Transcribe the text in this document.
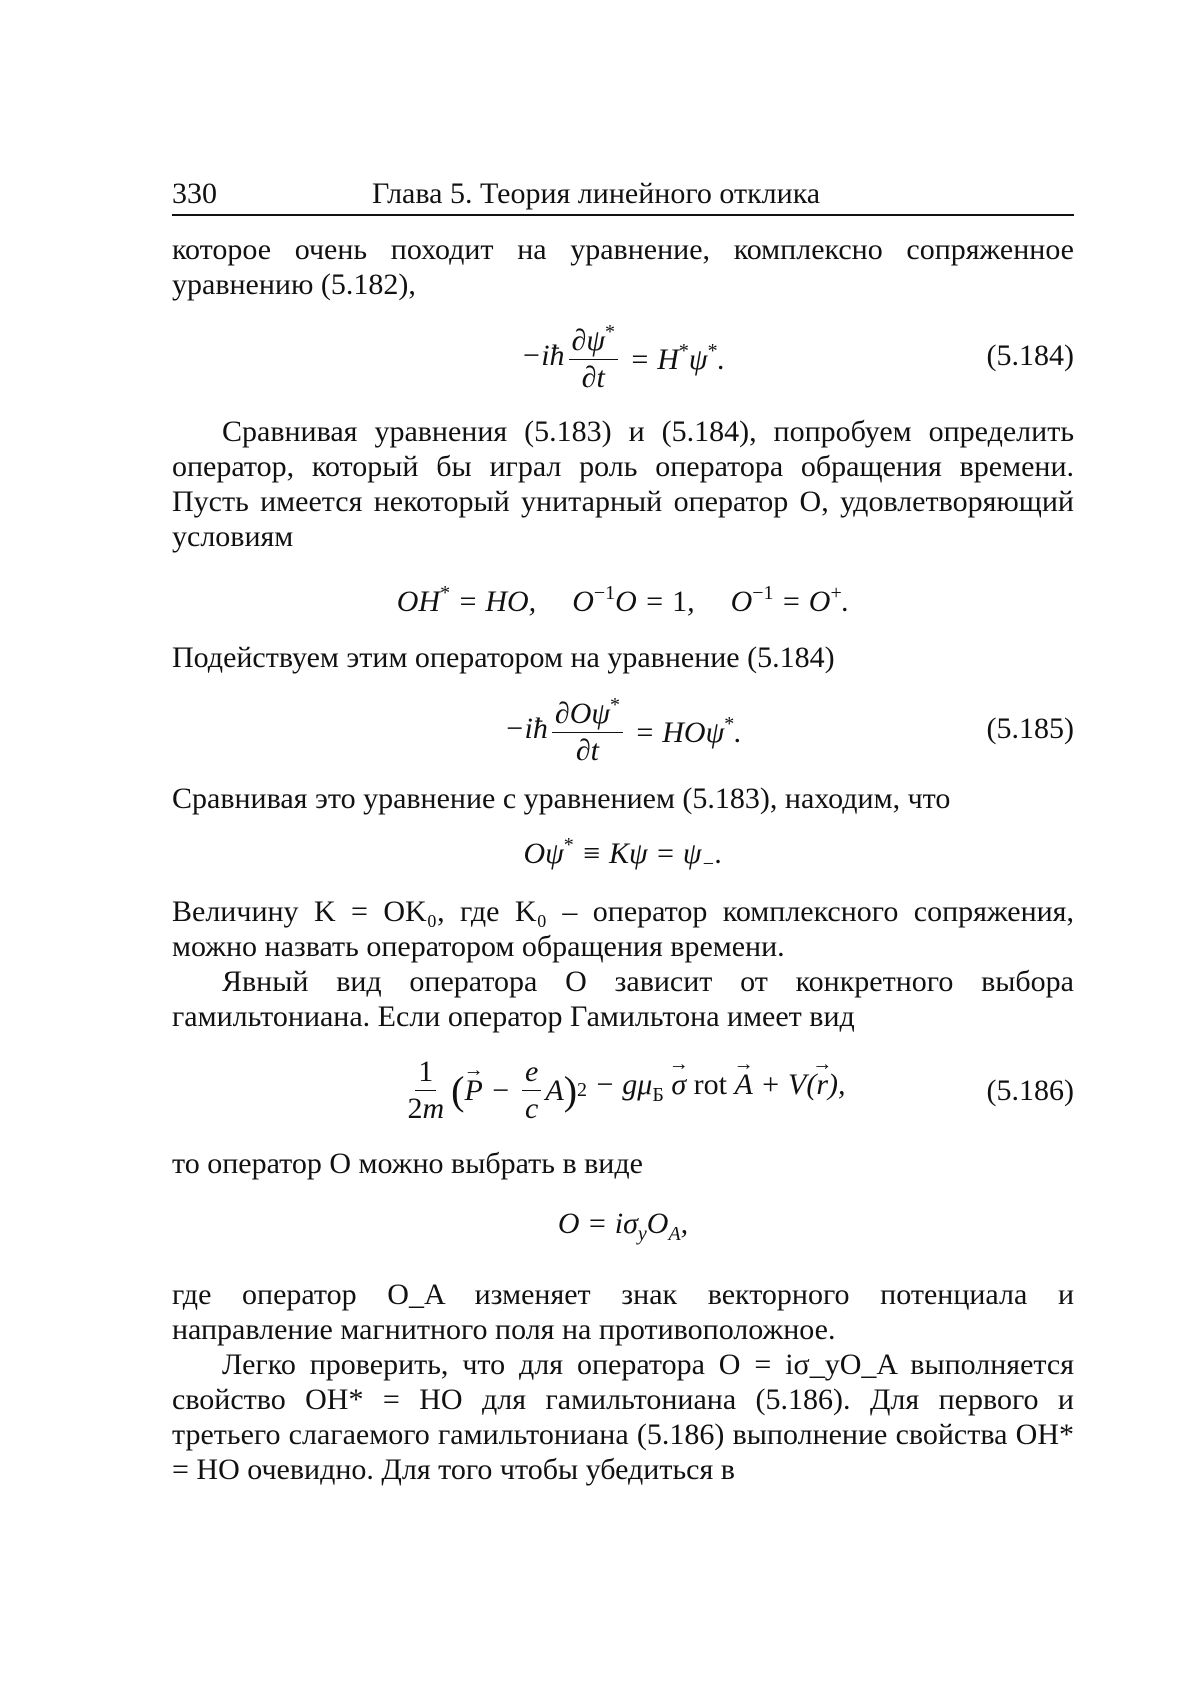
330	Глава 5. Теория линейного отклика

которое очень походит на уравнение, комплексно сопряженное уравнению (5.182),

−iħ $\frac{\partial\psi^*}{\partial t} = H^*\psi^*$.	(5.184)

Сравнивая уравнения (5.183) и (5.184), попробуем определить оператор, который бы играл роль оператора обращения времени. Пусть имеется некоторый унитарный оператор O, удовлетворяющий условиям

OH* = HO, $O^{-1}O = 1$, $O^{-1} = O^+$.

Подействуем этим оператором на уравнение (5.184)

−iħ $\frac{\partial O\psi^*}{\partial t} = HO\psi^*$.	(5.185)

Сравнивая это уравнение с уравнением (5.183), находим, что

$O\psi^* \equiv K\psi = \psi_-$.

Величину K = OK₀, где K₀ – оператор комплексного сопряжения, можно назвать оператором обращения времени.

Явный вид оператора O зависит от конкретного выбора гамильтониана. Если оператор Гамильтона имеет вид

$\frac{1}{2m}$ ( → $P - \frac{e}{c}$ A ) $2 - g\mu_Б \to \sigma$ rot → A + V(→ r),	(5.186)

то оператор O можно выбрать в виде

$O = i\sigma_yO_A$,

где оператор O_A изменяет знак векторного потенциала и направление магнитного поля на противоположное.

Легко проверить, что для оператора O = iσ_yO_A выполняется свойство OH* = HO для гамильтониана (5.186). Для первого и третьего слагаемого гамильтониана (5.186) выполнение свойства OH* = HO очевидно. Для того чтобы убедиться в
